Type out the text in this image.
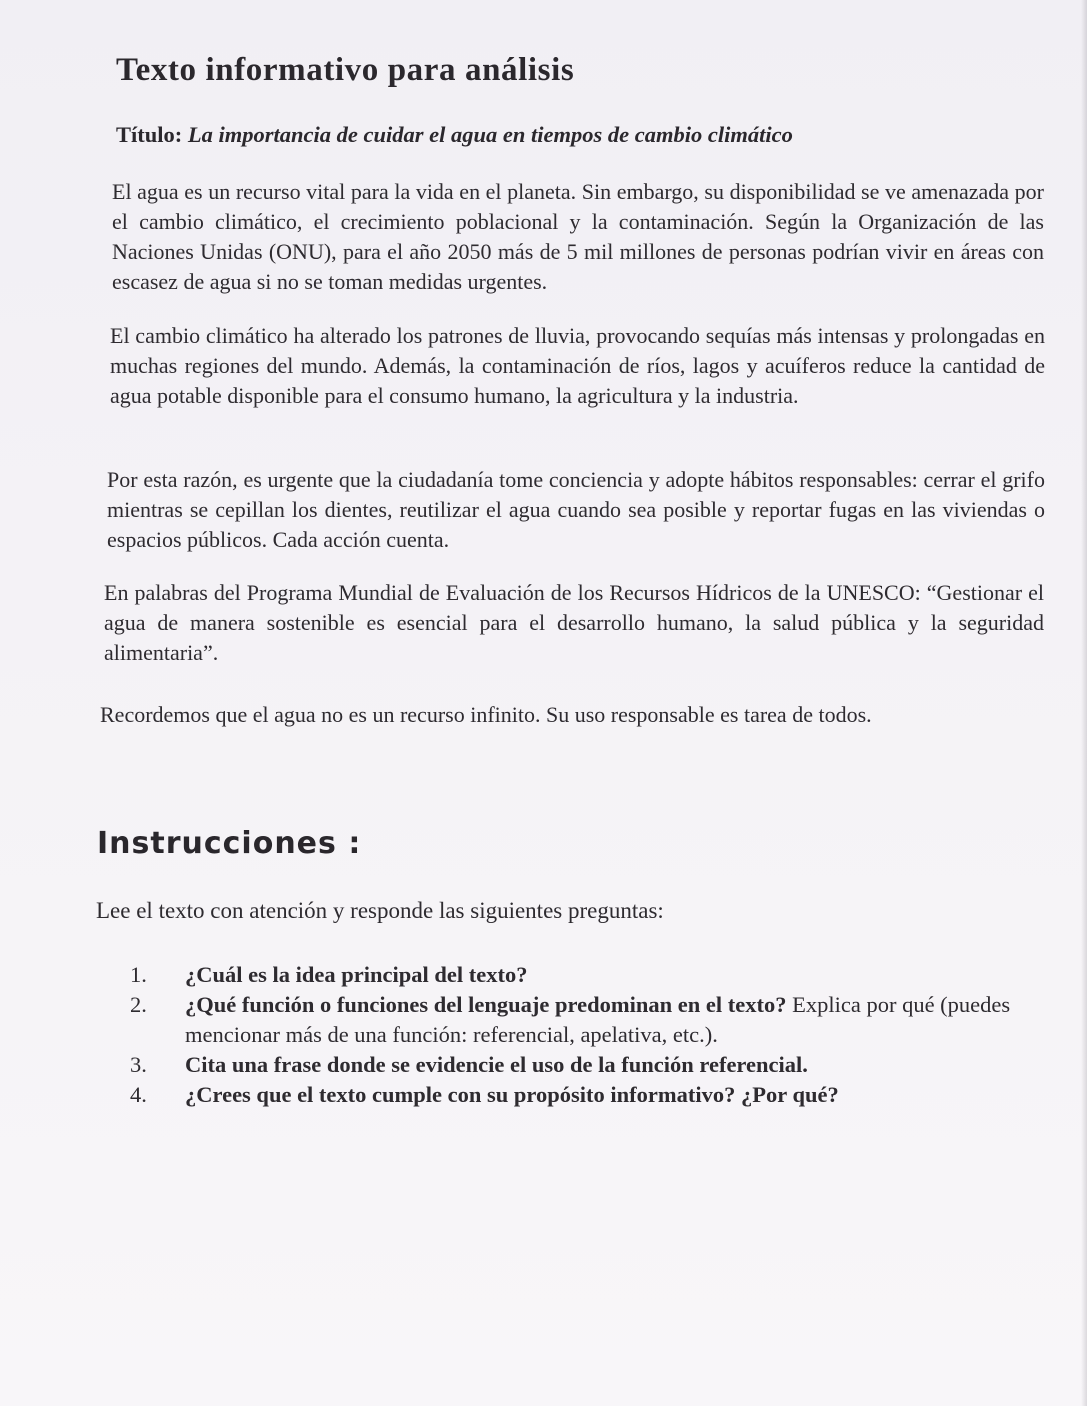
Texto informativo para análisis

Título: La importancia de cuidar el agua en tiempos de cambio climático

El agua es un recurso vital para la vida en el planeta. Sin embargo, su disponibilidad se ve amenazada por el cambio climático, el crecimiento poblacional y la contaminación. Según la Organización de las Naciones Unidas (ONU), para el año 2050 más de 5 mil millones de personas podrían vivir en áreas con escasez de agua si no se toman medidas urgentes.

El cambio climático ha alterado los patrones de lluvia, provocando sequías más intensas y prolongadas en muchas regiones del mundo. Además, la contaminación de ríos, lagos y acuíferos reduce la cantidad de agua potable disponible para el consumo humano, la agricultura y la industria.

Por esta razón, es urgente que la ciudadanía tome conciencia y adopte hábitos responsables: cerrar el grifo mientras se cepillan los dientes, reutilizar el agua cuando sea posible y reportar fugas en las viviendas o espacios públicos. Cada acción cuenta.

En palabras del Programa Mundial de Evaluación de los Recursos Hídricos de la UNESCO: “Gestionar el agua de manera sostenible es esencial para el desarrollo humano, la salud pública y la seguridad alimentaria”.

Recordemos que el agua no es un recurso infinito. Su uso responsable es tarea de todos.

Instrucciones :

Lee el texto con atención y responde las siguientes preguntas:

1.	¿Cuál es la idea principal del texto?
2.	¿Qué función o funciones del lenguaje predominan en el texto? Explica por qué (puedes mencionar más de una función: referencial, apelativa, etc.).
3.	Cita una frase donde se evidencie el uso de la función referencial.
4.	¿Crees que el texto cumple con su propósito informativo? ¿Por qué?
